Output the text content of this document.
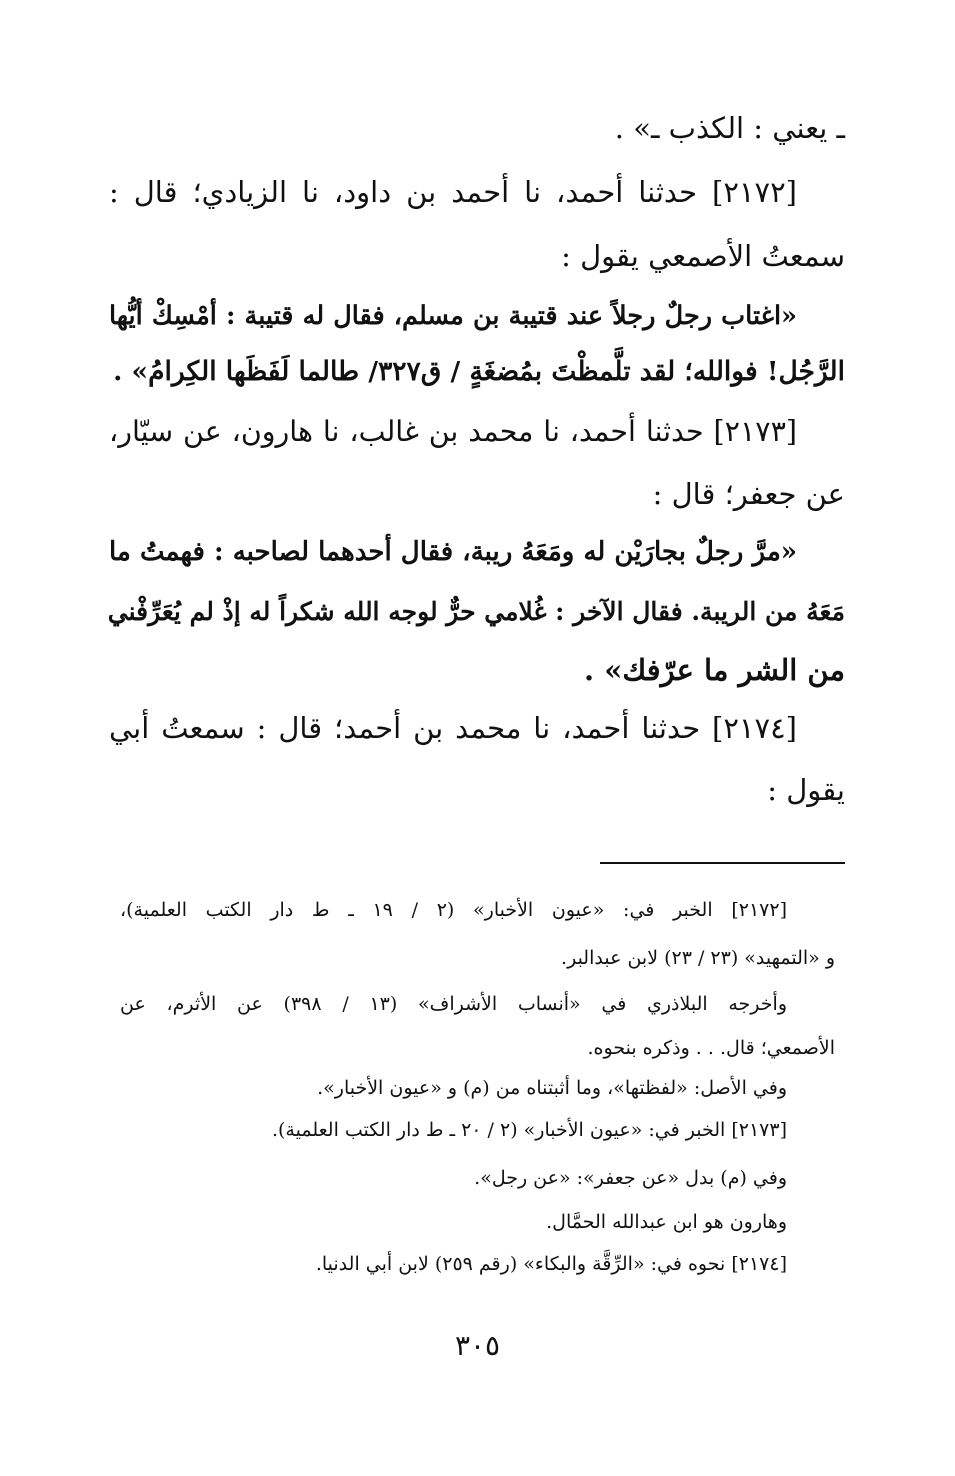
ـ يعني : الكذب ـ» .
[٢١٧٢] حدثنا أحمد، نا أحمد بن داود، نا الزيادي؛ قال :
سمعتُ الأصمعي يقول :
«اغتاب رجلٌ رجلاً عند قتيبة بن مسلم، فقال له قتيبة : أمْسِكْ أيُّها
الرَّجُل! فوالله؛ لقد تلَّمظْتَ بمُضغَةٍ / ق٣٢٧/ طالما لَفَظَها الكِرامُ» .
[٢١٧٣] حدثنا أحمد، نا محمد بن غالب، نا هارون، عن سيّار،
عن جعفر؛ قال :
«مرَّ رجلٌ بجارَيْن له ومَعَهُ ريبة، فقال أحدهما لصاحبه : فهمتُ ما
مَعَهُ من الريبة. فقال الآخر : غُلامي حرٌّ لوجه الله شكراً له إذْ لم يُعَرِّفْني
من الشر ما عرّفك» .
[٢١٧٤] حدثنا أحمد، نا محمد بن أحمد؛ قال : سمعتُ أبي
يقول :
[٢١٧٢] الخبر في: «عيون الأخبار» (٢ / ١٩ ـ ط دار الكتب العلمية)،
و «التمهيد» (٢٣ / ٢٣) لابن عبدالبر.
وأخرجه البلاذري في «أنساب الأشراف» (١٣ / ٣٩٨) عن الأثرم، عن
الأصمعي؛ قال. . . وذكره بنحوه.
وفي الأصل: «لفظتها»، وما أثبتناه من (م) و «عيون الأخبار».
[٢١٧٣] الخبر في: «عيون الأخبار» (٢ / ٢٠ ـ ط دار الكتب العلمية).
وفي (م) بدل «عن جعفر»: «عن رجل».
وهارون هو ابن عبدالله الحمَّال.
[٢١٧٤] نحوه في: «الرِّقَّة والبكاء» (رقم ٢٥٩) لابن أبي الدنيا.
٣٠٥
